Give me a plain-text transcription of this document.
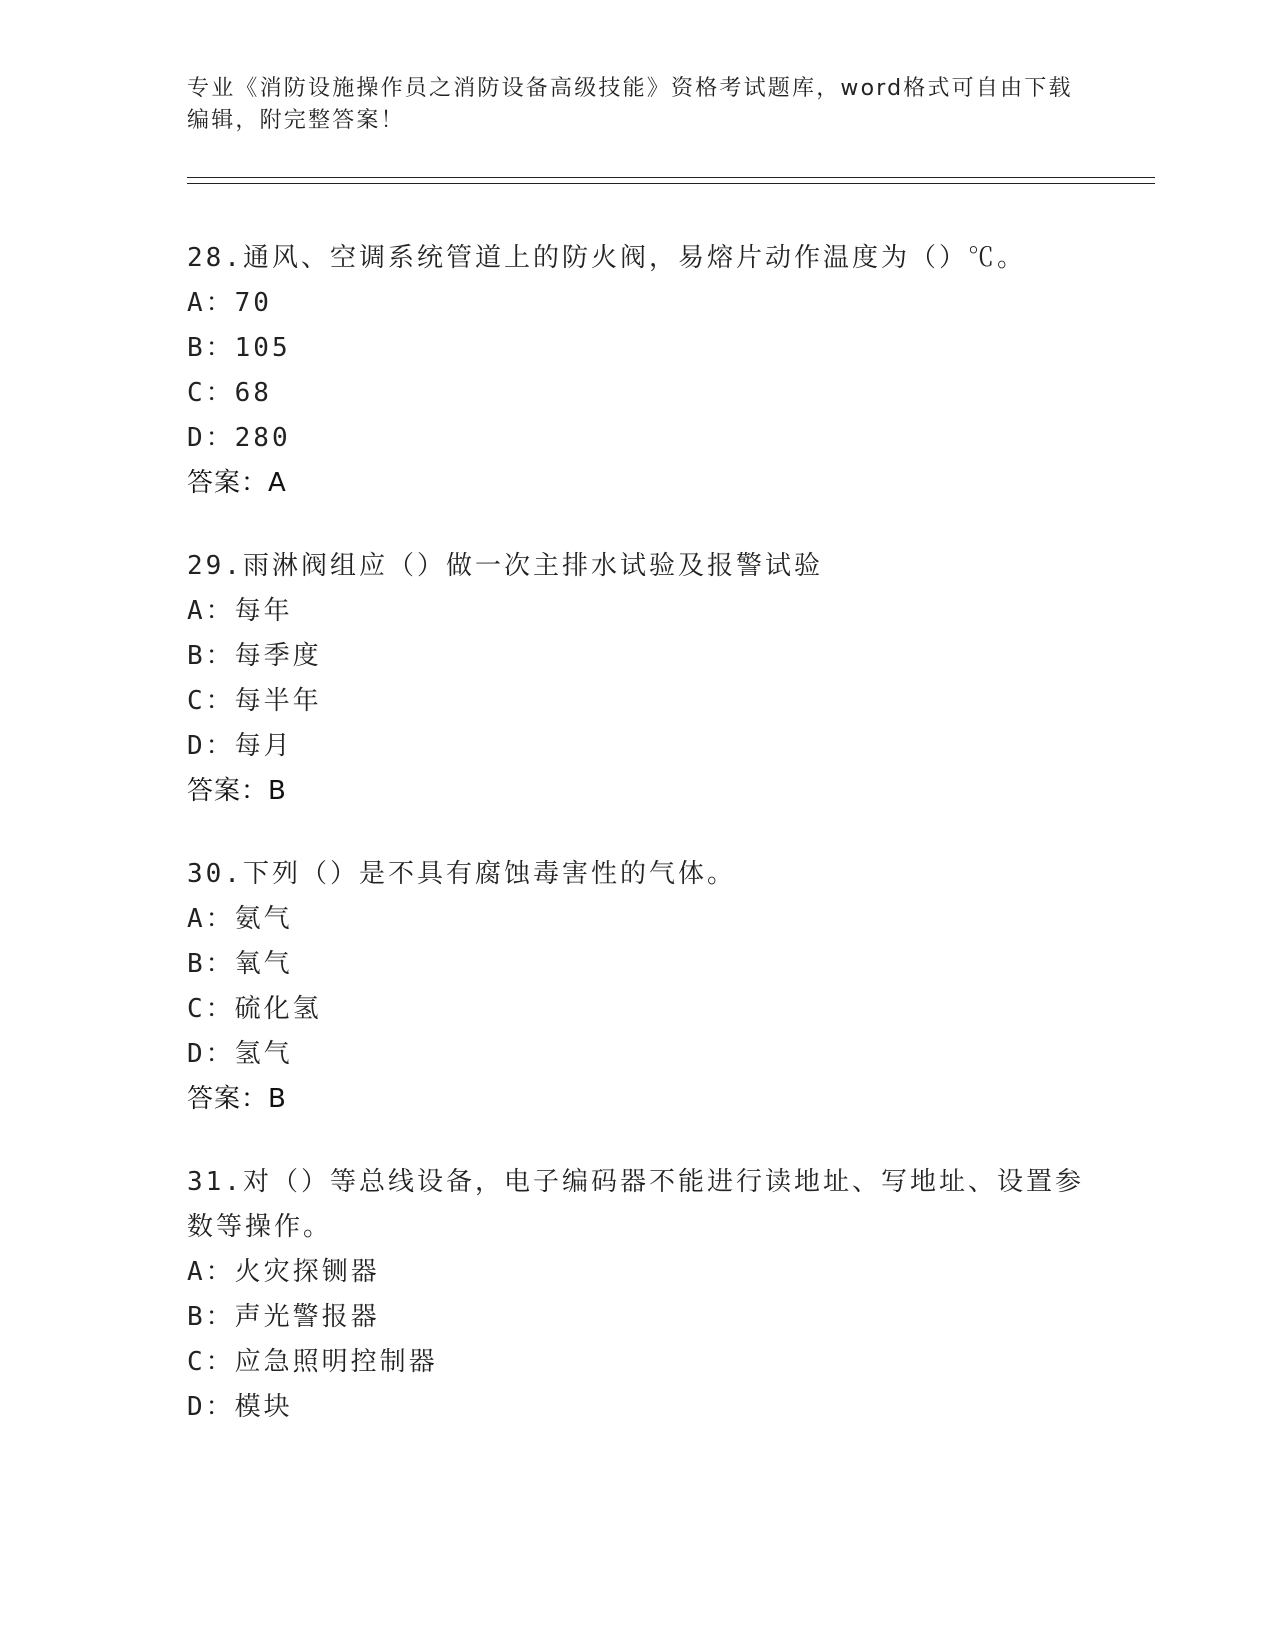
专业《消防设施操作员之消防设备高级技能》资格考试题库，word格式可自由下载编辑，附完整答案！
28.通风、空调系统管道上的防火阀，易熔片动作温度为（）℃。
A：70
B：105
C：68
D：280
答案：A
29.雨淋阀组应（）做一次主排水试验及报警试验
A：每年
B：每季度
C：每半年
D：每月
答案：B
30.下列（）是不具有腐蚀毒害性的气体。
A：氨气
B：氧气
C：硫化氢
D：氢气
答案：B
31.对（）等总线设备，电子编码器不能进行读地址、写地址、设置参数等操作。
A：火灾探铡器
B：声光警报器
C：应急照明控制器
D：模块
